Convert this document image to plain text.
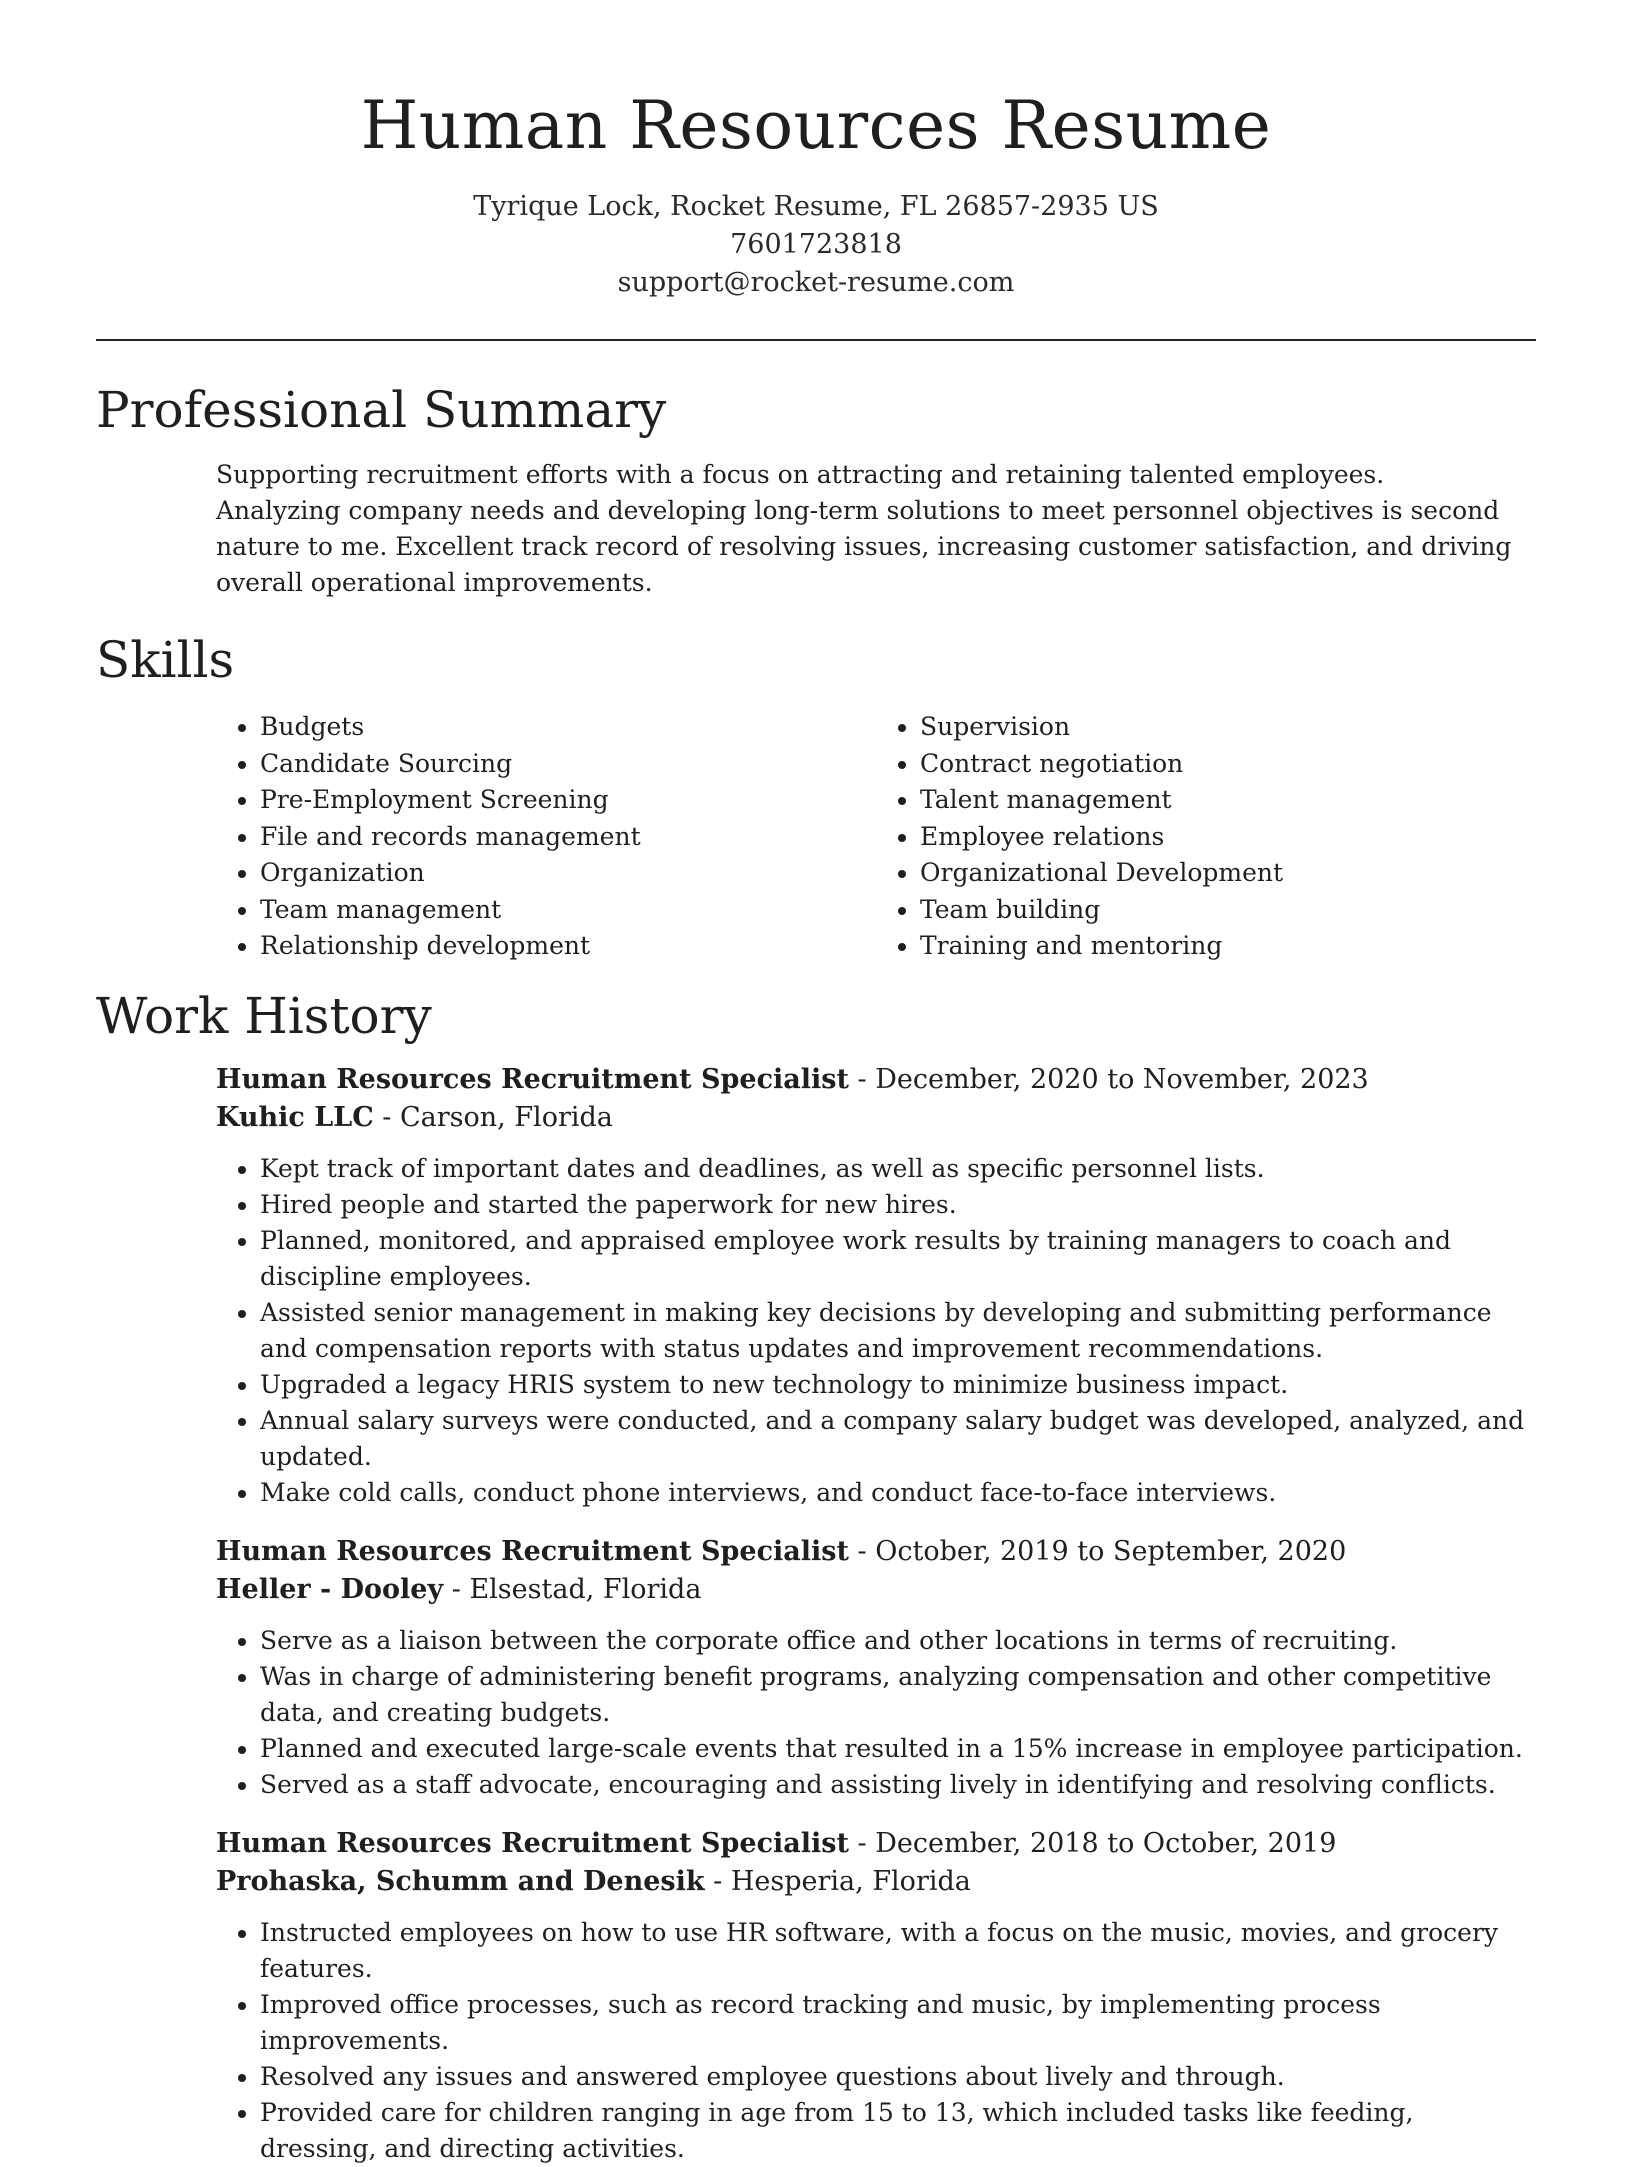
Human Resources Resume
Tyrique Lock, Rocket Resume, FL 26857-2935 US
7601723818
support@rocket-resume.com
Professional Summary

Supporting recruitment efforts with a focus on attracting and retaining talented employees. Analyzing company needs and developing long-term solutions to meet personnel objectives is second nature to me. Excellent track record of resolving issues, increasing customer satisfaction, and driving overall operational improvements.

Skills
• Budgets
• Candidate Sourcing
• Pre-Employment Screening
• File and records management
• Organization
• Team management
• Relationship development
• Supervision
• Contract negotiation
• Talent management
• Employee relations
• Organizational Development
• Team building
• Training and mentoring
Work History
Human Resources Recruitment Specialist - December, 2020 to November, 2023
Kuhic LLC - Carson, Florida
• Kept track of important dates and deadlines, as well as specific personnel lists.
• Hired people and started the paperwork for new hires.
• Planned, monitored, and appraised employee work results by training managers to coach and discipline employees.
• Assisted senior management in making key decisions by developing and submitting performance and compensation reports with status updates and improvement recommendations.
• Upgraded a legacy HRIS system to new technology to minimize business impact.
• Annual salary surveys were conducted, and a company salary budget was developed, analyzed, and updated.
• Make cold calls, conduct phone interviews, and conduct face-to-face interviews.
Human Resources Recruitment Specialist - October, 2019 to September, 2020
Heller - Dooley - Elsestad, Florida
• Serve as a liaison between the corporate office and other locations in terms of recruiting.
• Was in charge of administering benefit programs, analyzing compensation and other competitive data, and creating budgets.
• Planned and executed large-scale events that resulted in a 15% increase in employee participation.
• Served as a staff advocate, encouraging and assisting lively in identifying and resolving conflicts.
Human Resources Recruitment Specialist - December, 2018 to October, 2019
Prohaska, Schumm and Denesik - Hesperia, Florida
• Instructed employees on how to use HR software, with a focus on the music, movies, and grocery features.
• Improved office processes, such as record tracking and music, by implementing process improvements.
• Resolved any issues and answered employee questions about lively and through.
• Provided care for children ranging in age from 15 to 13, which included tasks like feeding, dressing, and directing activities.
